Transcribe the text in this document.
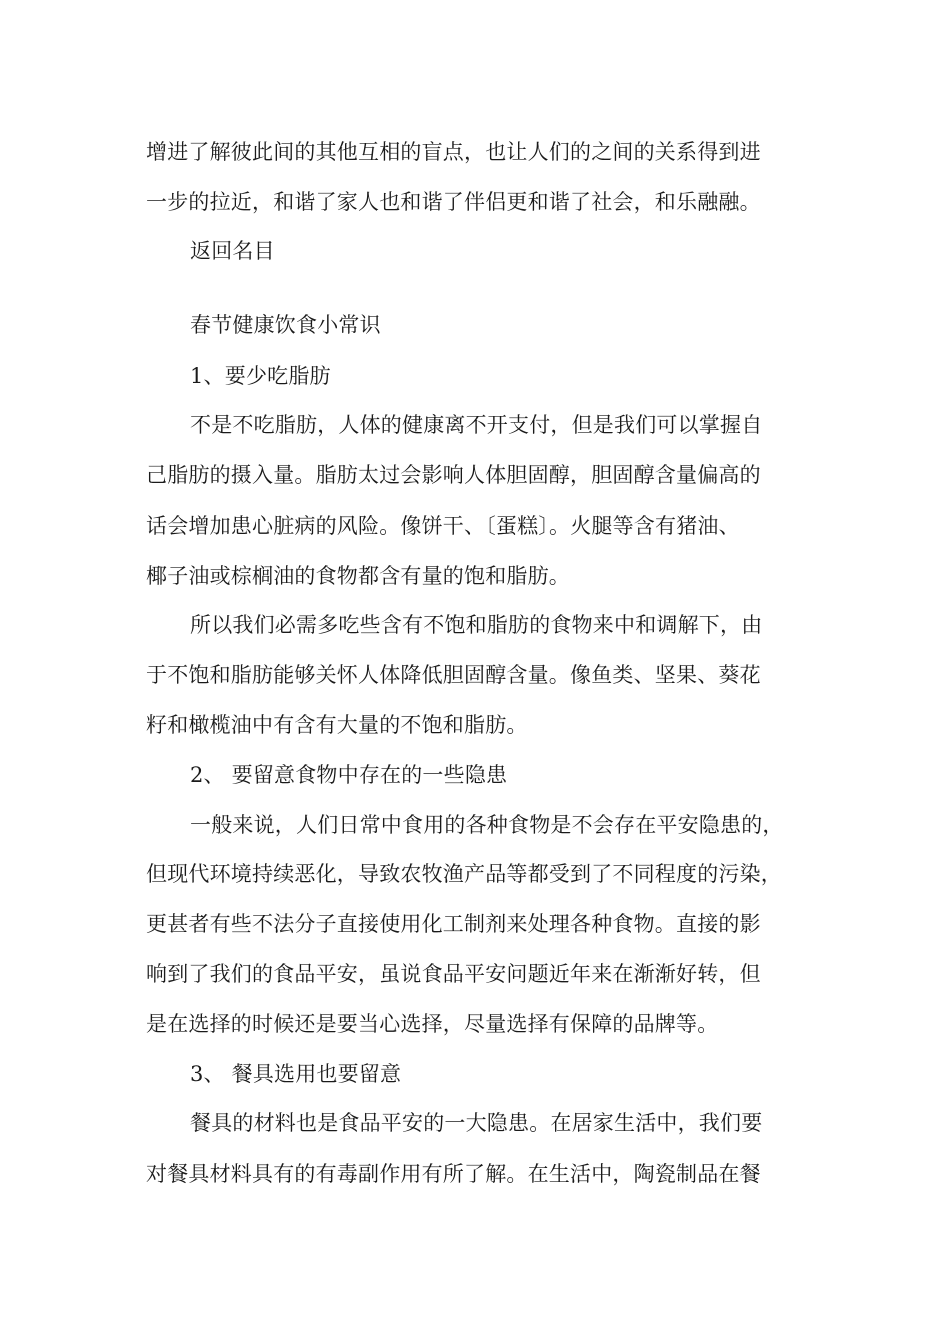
增进了解彼此间的其他互相的盲点，也让人们的之间的关系得到进
一步的拉近，和谐了家人也和谐了伴侣更和谐了社会，和乐融融。
返回名目
春节健康饮食小常识
1、要少吃脂肪
不是不吃脂肪，人体的健康离不开支付，但是我们可以掌握自
己脂肪的摄入量。脂肪太过会影响人体胆固醇，胆固醇含量偏高的
话会增加患心脏病的风险。像饼干、〔蛋糕〕。火腿等含有猪油、
椰子油或棕榈油的食物都含有量的饱和脂肪。
所以我们必需多吃些含有不饱和脂肪的食物来中和调解下，由
于不饱和脂肪能够关怀人体降低胆固醇含量。像鱼类、坚果、葵花
籽和橄榄油中有含有大量的不饱和脂肪。
2、 要留意食物中存在的一些隐患
一般来说，人们日常中食用的各种食物是不会存在平安隐患的，
但现代环境持续恶化，导致农牧渔产品等都受到了不同程度的污染，
更甚者有些不法分子直接使用化工制剂来处理各种食物。直接的影
响到了我们的食品平安，虽说食品平安问题近年来在渐渐好转，但
是在选择的时候还是要当心选择，尽量选择有保障的品牌等。
3、 餐具选用也要留意
餐具的材料也是食品平安的一大隐患。在居家生活中，我们要
对餐具材料具有的有毒副作用有所了解。在生活中，陶瓷制品在餐
